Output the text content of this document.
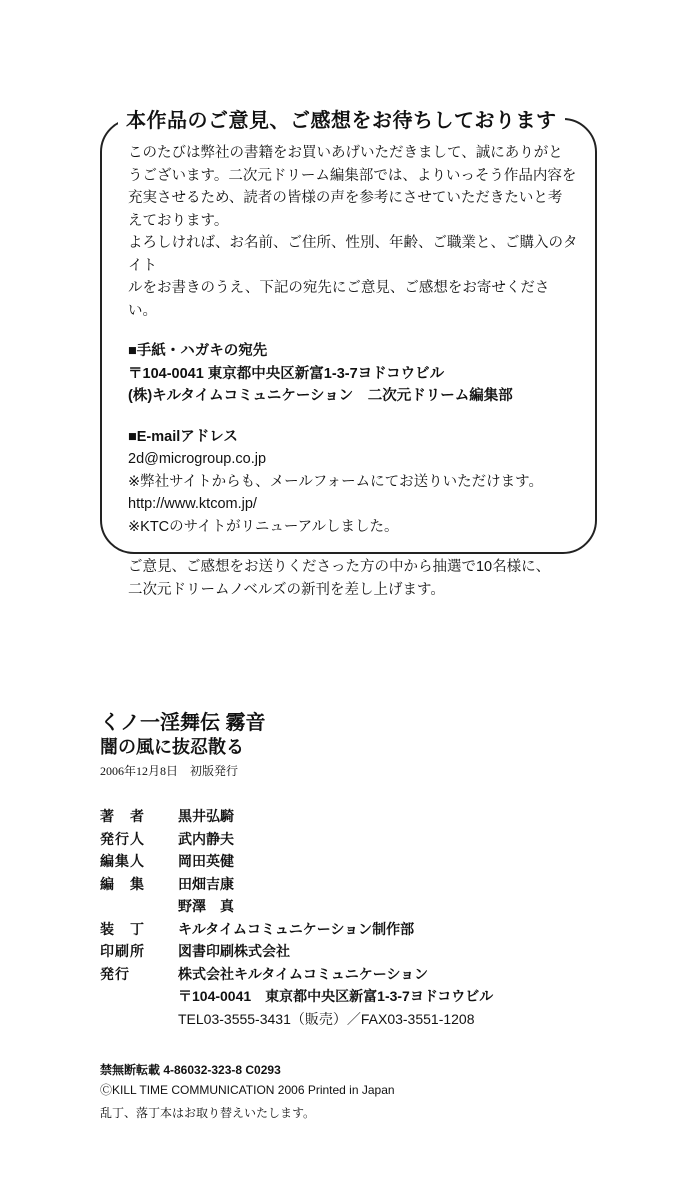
本作品のご意見、ご感想をお待ちしております

このたびは弊社の書籍をお買いあげいただきまして、誠にありがと

うございます。二次元ドリーム編集部では、よりいっそう作品内容を

充実させるため、読者の皆様の声を参考にさせていただきたいと考

えております。

よろしければ、お名前、ご住所、性別、年齢、ご職業と、ご購入のタイト

ルをお書きのうえ、下記の宛先にご意見、ご感想をお寄せください。

■手紙・ハガキの宛先

〒104-0041 東京都中央区新富1-3-7ヨドコウビル

(株)キルタイムコミュニケーション　二次元ドリーム編集部

■E-mailアドレス

2d@microgroup.co.jp

※弊社サイトからも、メールフォームにてお送りいただけます。

http://www.ktcom.jp/

※KTCのサイトがリニューアルしました。

ご意見、ご感想をお送りくださった方の中から抽選で10名様に、

二次元ドリームノベルズの新刊を差し上げます。

くノ一淫舞伝 霧音
闇の風に抜忍散る
2006年12月8日　初版発行
著　者	黒井弘騎
発行人	武内静夫
編集人	岡田英健
編　集	田畑吉康
野澤　真
装　丁	キルタイムコミュニケーション制作部
印刷所	図書印刷株式会社
発行	株式会社キルタイムコミュニケーション
〒104-0041　東京都中央区新富1-3-7ヨドコウビル
TEL03-3555-3431（販売）／FAX03-3551-1208
禁無断転載 4-86032-323-8 C0293
ⒸKILL TIME COMMUNICATION 2006 Printed in Japan
乱丁、落丁本はお取り替えいたします。
